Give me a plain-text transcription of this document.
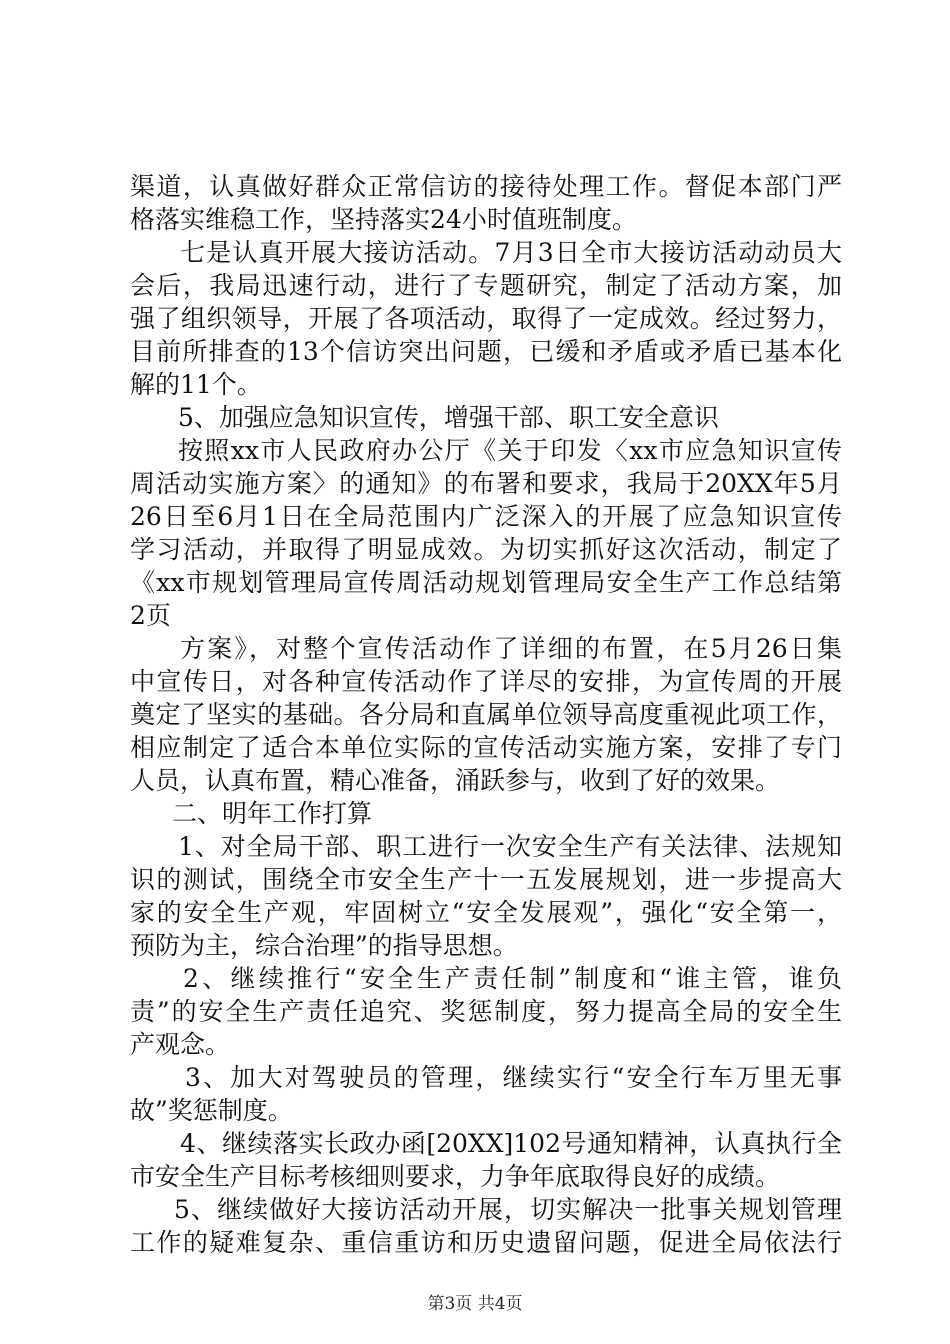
渠道，认真做好群众正常信访的接待处理工作。督促本部门严
格落实维稳工作，坚持落实24小时值班制度。
七是认真开展大接访活动。7月3日全市大接访活动动员大
会后，我局迅速行动，进行了专题研究，制定了活动方案，加
强了组织领导，开展了各项活动，取得了一定成效。经过努力，
目前所排查的13个信访突出问题，已缓和矛盾或矛盾已基本化
解的11个。
5、加强应急知识宣传，增强干部、职工安全意识
按照xx市人民政府办公厅《关于印发〈xx市应急知识宣传
周活动实施方案〉的通知》的布署和要求，我局于20XX年5月
26日至6月1日在全局范围内广泛深入的开展了应急知识宣传
学习活动，并取得了明显成效。为切实抓好这次活动，制定了
《xx市规划管理局宣传周活动规划管理局安全生产工作总结第
2页
方案》，对整个宣传活动作了详细的布置，在5月26日集
中宣传日，对各种宣传活动作了详尽的安排，为宣传周的开展
奠定了坚实的基础。各分局和直属单位领导高度重视此项工作，
相应制定了适合本单位实际的宣传活动实施方案，安排了专门
人员，认真布置，精心准备，涌跃参与，收到了好的效果。
二、明年工作打算
1、对全局干部、职工进行一次安全生产有关法律、法规知
识的测试，围绕全市安全生产十一五发展规划，进一步提高大
家的安全生产观，牢固树立“安全发展观”，强化“安全第一，
预防为主，综合治理”的指导思想。
2、继续推行“安全生产责任制”制度和“谁主管，谁负
责”的安全生产责任追究、奖惩制度，努力提高全局的安全生
产观念。
3、加大对驾驶员的管理，继续实行“安全行车万里无事
故”奖惩制度。
4、继续落实长政办函[20XX]102号通知精神，认真执行全
市安全生产目标考核细则要求，力争年底取得良好的成绩。
5、继续做好大接访活动开展，切实解决一批事关规划管理
工作的疑难复杂、重信重访和历史遗留问题，促进全局依法行
第3页 共4页
